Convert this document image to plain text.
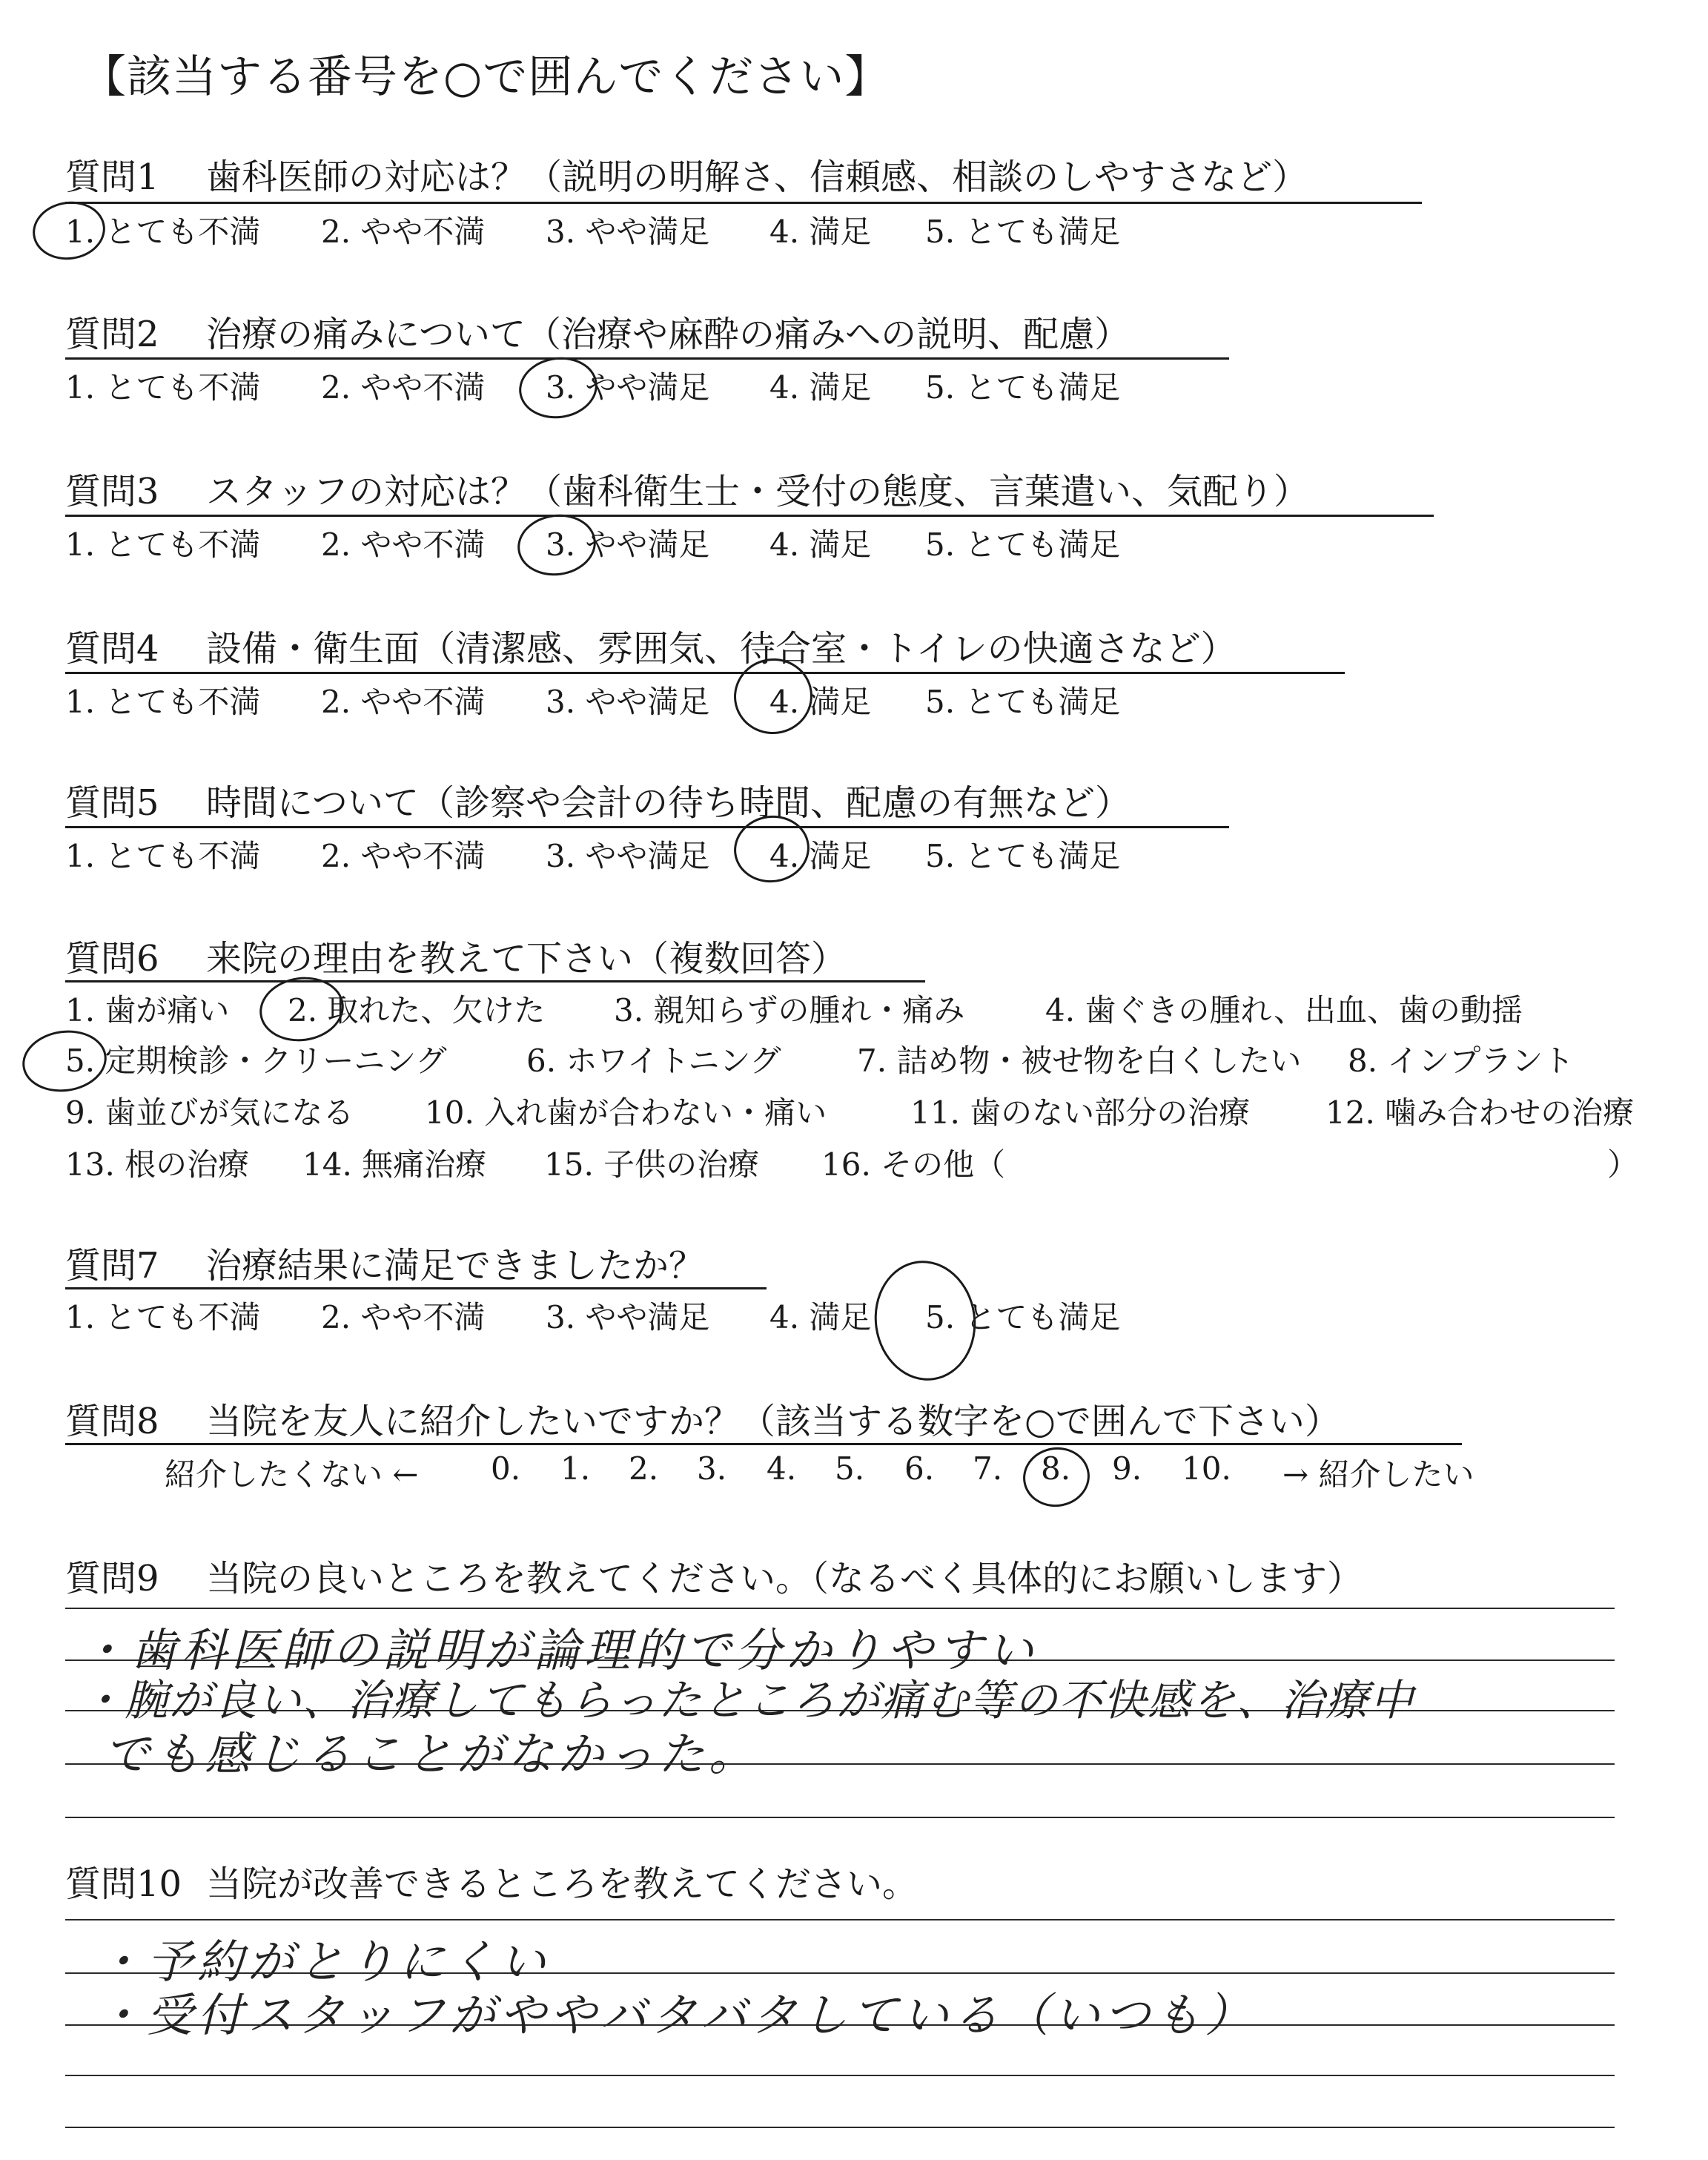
【該当する番号を○で囲んでください】
質問1 歯科医師の対応は？（説明の明解さ、信頼感、相談のしやすさなど）
1. とても不満 2. やや不満 3. やや満足 4. 満足 5. とても満足
質問2 治療の痛みについて（治療や麻酔の痛みへの説明、配慮）
1. とても不満 2. やや不満 3. やや満足 4. 満足 5. とても満足
質問3 スタッフの対応は？（歯科衛生士・受付の態度、言葉遣い、気配り）
1. とても不満 2. やや不満 3. やや満足 4. 満足 5. とても満足
質問4 設備・衛生面（清潔感、雰囲気、待合室・トイレの快適さなど）
1. とても不満 2. やや不満 3. やや満足 4. 満足 5. とても満足
質問5 時間について（診察や会計の待ち時間、配慮の有無など）
1. とても不満 2. やや不満 3. やや満足 4. 満足 5. とても満足
質問6 来院の理由を教えて下さい（複数回答）
1. 歯が痛い 2. 取れた、欠けた 3. 親知らずの腫れ・痛み	4. 歯ぐきの腫れ、出血、歯の動揺
5. 定期検診・クリーニング	6. ホワイトニング 7. 詰め物・被せ物を白くしたい 8. インプラント
9. 歯並びが気になる 10. 入れ歯が合わない・痛い	11. 歯のない部分の治療 12. 噛み合わせの治療
13. 根の治療 14. 無痛治療 15. 子供の治療 16. その他（	）
質問7 治療結果に満足できましたか？
1. とても不満 2. やや不満 3. やや満足 4. 満足 5. とても満足
質問8 当院を友人に紹介したいですか？（該当する数字を○で囲んで下さい）
紹介したくない ← 0. 1. 2. 3. 4. 5. 6. 7. 8. 9. 10. → 紹介したい
質問9 当院の良いところを教えてください。（なるべく具体的にお願いします）
・歯科医師の説明が論理的で分かりやすい
・腕が良い、治療してもらったところが痛む等の不快感を、治療中
でも感じることがなかった。
質問10 当院が改善できるところを教えてください。
・予約がとりにくい
・受付スタッフがややバタバタしている（いつも）
